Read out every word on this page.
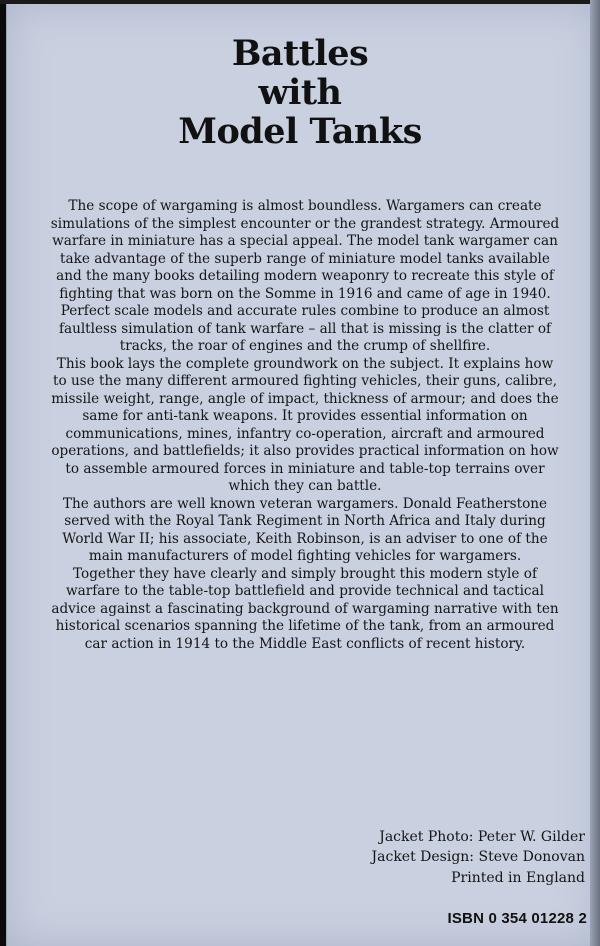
Battles
with
Model Tanks

The scope of wargaming is almost boundless. Wargamers can create simulations of the simplest encounter or the grandest strategy. Armoured warfare in miniature has a special appeal. The model tank wargamer can take advantage of the superb range of miniature model tanks available and the many books detailing modern weaponry to recreate this style of fighting that was born on the Somme in 1916 and came of age in 1940. Perfect scale models and accurate rules combine to produce an almost faultless simulation of tank warfare – all that is missing is the clatter of tracks, the roar of engines and the crump of shellfire.

This book lays the complete groundwork on the subject. It explains how to use the many different armoured fighting vehicles, their guns, calibre, missile weight, range, angle of impact, thickness of armour; and does the same for anti-tank weapons. It provides essential information on communications, mines, infantry co-operation, aircraft and armoured operations, and battlefields; it also provides practical information on how to assemble armoured forces in miniature and table-top terrains over which they can battle.

The authors are well known veteran wargamers. Donald Featherstone served with the Royal Tank Regiment in North Africa and Italy during World War II; his associate, Keith Robinson, is an adviser to one of the main manufacturers of model fighting vehicles for wargamers.

Together they have clearly and simply brought this modern style of warfare to the table-top battlefield and provide technical and tactical advice against a fascinating background of wargaming narrative with ten historical scenarios spanning the lifetime of the tank, from an armoured car action in 1914 to the Middle East conflicts of recent history.

Jacket Photo: Peter W. Gilder
Jacket Design: Steve Donovan
Printed in England
ISBN 0 354 01228 2
